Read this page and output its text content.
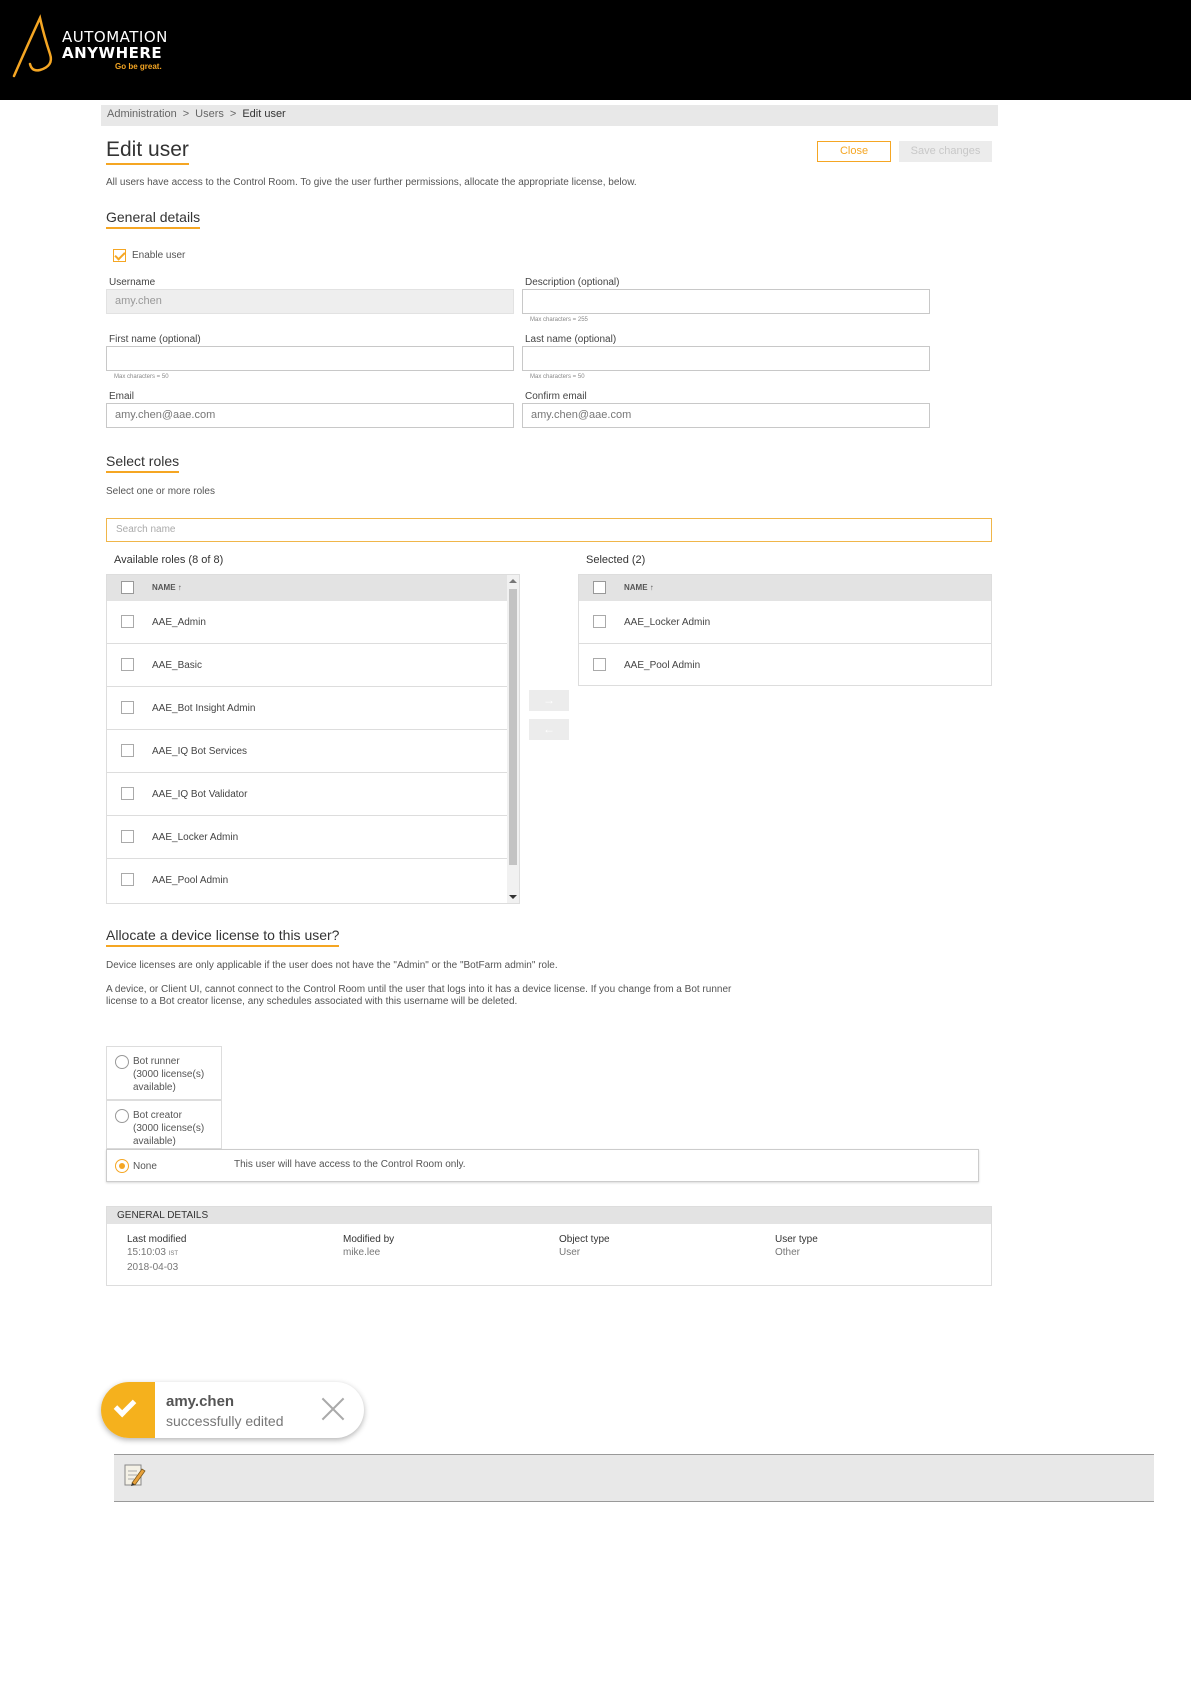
AUTOMATION
ANYWHERE
Go be great.
Administration > Users > Edit user
Edit user	Close	Save changes
All users have access to the Control Room. To give the user further permissions, allocate the appropriate license, below.
General details
Enable user
Username
amy.chen
Description (optional)
Max characters = 255
First name (optional)
Max characters = 50
Last name (optional)
Max characters = 50
Email
amy.chen@aae.com
Confirm email
amy.chen@aae.com
Select roles
Select one or more roles
Search name
Available roles (8 of 8)	Selected (2)
NAME ↑
AAE_Admin
AAE_Basic
AAE_Bot Insight Admin
AAE_IQ Bot Services
AAE_IQ Bot Validator
AAE_Locker Admin
AAE_Pool Admin
→
←
NAME ↑
AAE_Locker Admin
AAE_Pool Admin
Allocate a device license to this user?
Device licenses are only applicable if the user does not have the "Admin" or the "BotFarm admin" role.
A device, or Client UI, cannot connect to the Control Room until the user that logs into it has a device license. If you change from a Bot runner
license to a Bot creator license, any schedules associated with this username will be deleted.
Bot runner
(3000 license(s)
available)
Bot creator
(3000 license(s)
available)
None	This user will have access to the Control Room only.
GENERAL DETAILS
Last modified
15:10:03 IST
2018-04-03
Modified by
mike.lee
Object type
User
User type
Other
amy.chen
successfully edited
